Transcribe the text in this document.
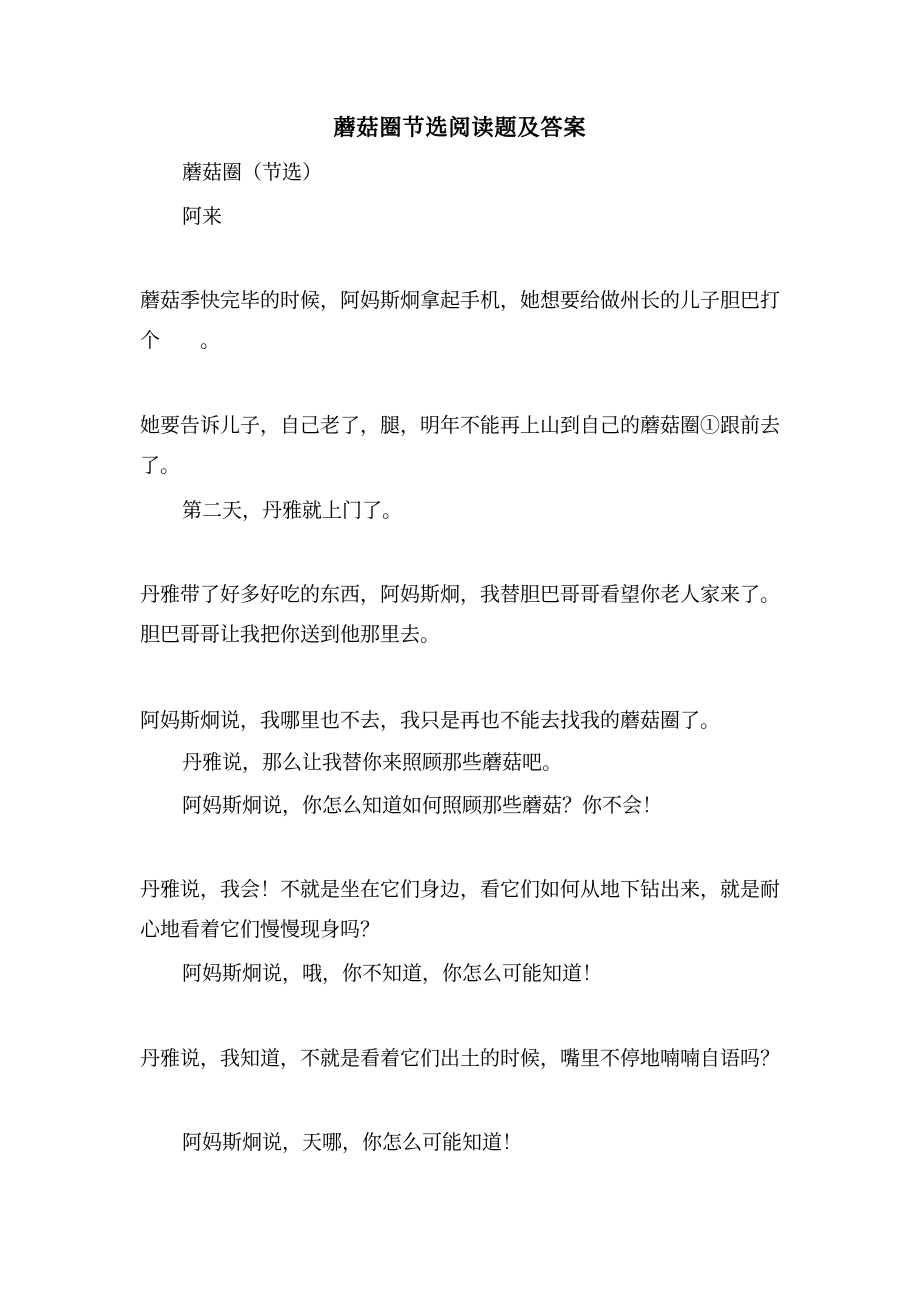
蘑菇圈节选阅读题及答案

蘑菇圈（节选）

阿来

蘑菇季快完毕的时候，阿妈斯炯拿起手机，她想要给做州长的儿子胆巴打个　　。

她要告诉儿子，自己老了，腿，明年不能再上山到自己的蘑菇圈①跟前去了。

第二天，丹雅就上门了。

丹雅带了好多好吃的东西，阿妈斯炯，我替胆巴哥哥看望你老人家来了。胆巴哥哥让我把你送到他那里去。

阿妈斯炯说，我哪里也不去，我只是再也不能去找我的蘑菇圈了。

丹雅说，那么让我替你来照顾那些蘑菇吧。

阿妈斯炯说，你怎么知道如何照顾那些蘑菇？你不会！

丹雅说，我会！不就是坐在它们身边，看它们如何从地下钻出来，就是耐心地看着它们慢慢现身吗？

阿妈斯炯说，哦，你不知道，你怎么可能知道！

丹雅说，我知道，不就是看着它们出土的时候，嘴里不停地喃喃自语吗？

阿妈斯炯说，天哪，你怎么可能知道！
